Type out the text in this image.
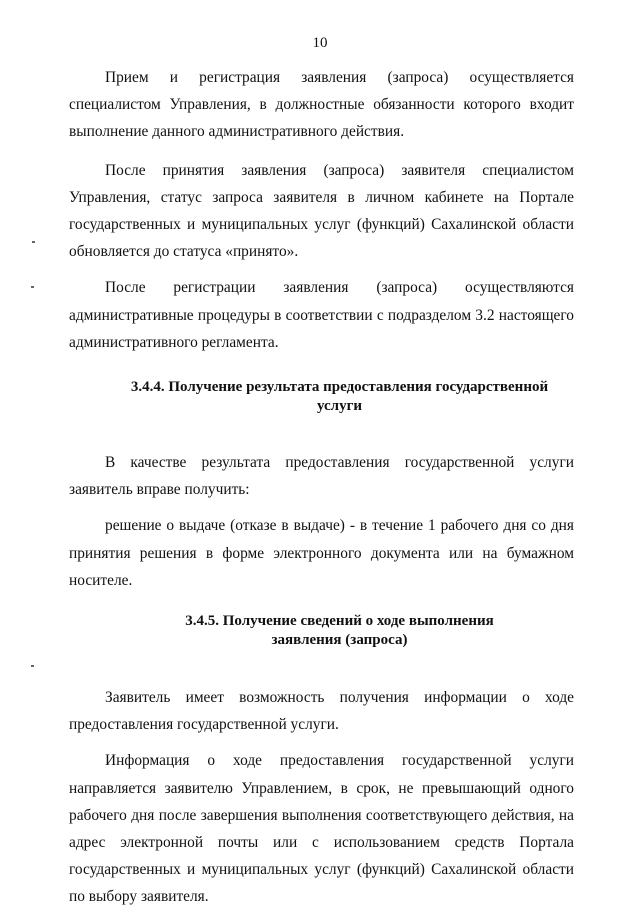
10

Прием и регистрация заявления (запроса) осуществляется специалистом Управления, в должностные обязанности которого входит выполнение данного административного действия.

После принятия заявления (запроса) заявителя специалистом Управления, статус запроса заявителя в личном кабинете на Портале государственных и муниципальных услуг (функций) Сахалинской области обновляется до статуса «принято».

После регистрации заявления (запроса) осуществляются административные процедуры в соответствии с подразделом 3.2 настоящего административного регламента.

3.4.4. Получение результата предоставления государственной
услуги

В качестве результата предоставления государственной услуги заявитель вправе получить:

решение о выдаче (отказе в выдаче) - в течение 1 рабочего дня со дня принятия решения в форме электронного документа или на бумажном носителе.

3.4.5. Получение сведений о ходе выполнения
заявления (запроса)

Заявитель имеет возможность получения информации о ходе предоставления государственной услуги.

Информация о ходе предоставления государственной услуги направляется заявителю Управлением, в срок, не превышающий одного рабочего дня после завершения выполнения соответствующего действия, на адрес электронной почты или с использованием средств Портала государственных и муниципальных услуг (функций) Сахалинской области по выбору заявителя.
